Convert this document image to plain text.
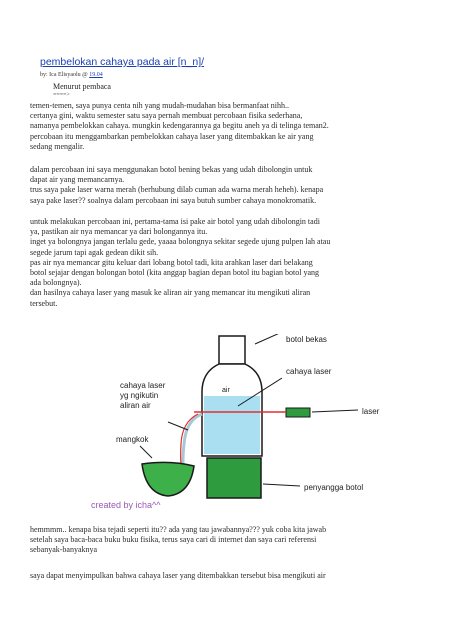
pembelokan cahaya pada air [n_n]/
by: Ica Elisyaolu @ 19.04
Menurut pembaca
====>
temen-temen, saya punya centa nih yang mudah-mudahan bisa bermanfaat nihh..
certanya gini, waktu semester satu saya pernah membuat percobaan fisika sederhana,
namanya pembelokkan cahaya. mungkin kedengarannya ga begitu aneh ya di telinga teman2.
percobaan itu menggambarkan pembelokkan cahaya laser yang ditembakkan ke air yang
sedang mengalir.
dalam percobaan ini saya menggunakan botol bening bekas yang udah dibolongin untuk
dapat air yang memancarnya.
trus saya pake laser warna merah (berhubung dilab cuman ada warna merah heheh). kenapa
saya pake laser?? soalnya dalam percobaan ini saya butuh sumber cahaya monokromatik.
untuk melakukan percobaan ini, pertama-tama isi pake air botol yang udah dibolongin tadi
ya, pastikan air nya memancar ya dari bolongannya itu.
inget ya bolongnya jangan terlalu gede, yaaaa bolongnya sekitar segede ujung pulpen lah atau
segede jarum tapi agak gedean dikit sih.
pas air nya memancar gitu keluar dari lobang botol tadi, kita arahkan laser dari belakang
botol sejajar dengan bolongan botol (kita anggap bagian depan botol itu bagian botol yang
ada bolongnya).
dan hasilnya cahaya laser yang masuk ke aliran air yang memancar itu mengikuti aliran
tersebut.
botol bekas
cahaya laser
air
laser
cahaya laser
yg ngikutin
aliran air
mangkok
penyangga botol
created by icha^^
hemmmm.. kenapa bisa tejadi seperti itu?? ada yang tau jawabannya??? yuk coba kita jawab
setelah saya baca-baca buku buku fisika, terus saya cari di internet dan saya cari referensi
sebanyak-banyaknya
saya dapat menyimpulkan bahwa cahaya laser yang ditembakkan tersebut bisa mengikuti air
